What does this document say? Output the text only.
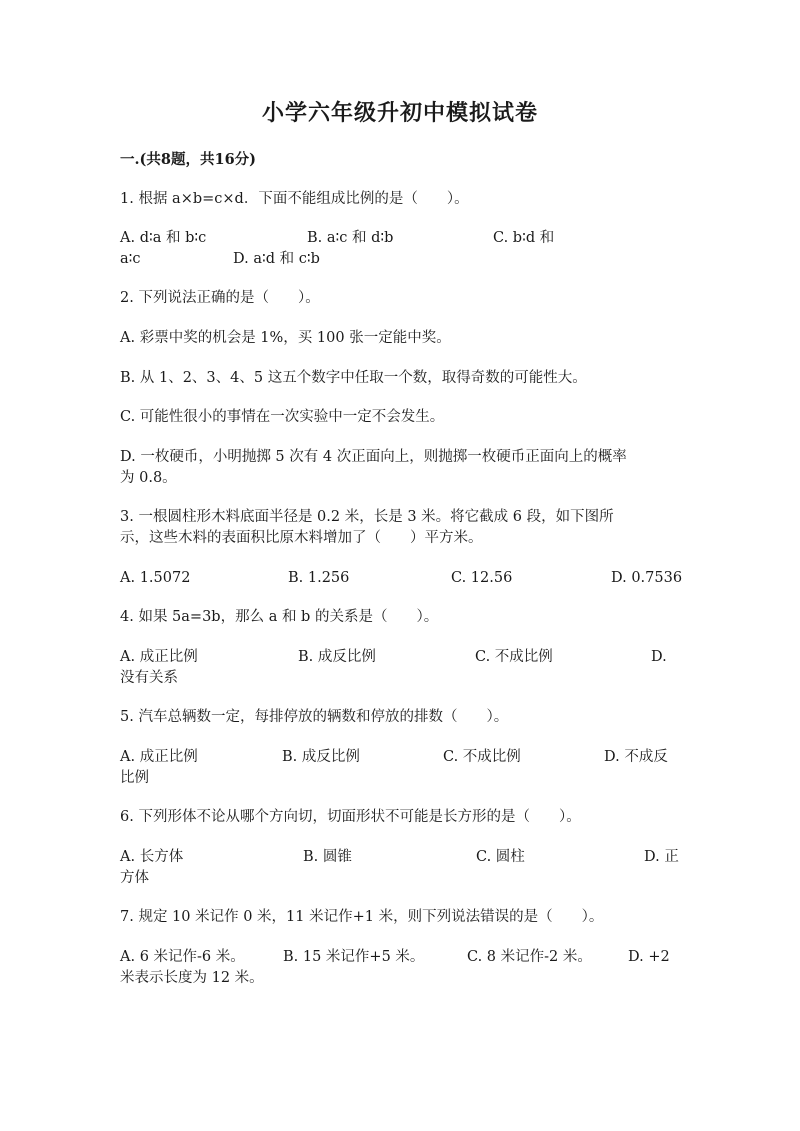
小学六年级升初中模拟试卷
一.(共8题，共16分)
1. 根据 a×b=c×d．下面不能组成比例的是（　　）。
A. d∶a 和 b∶c	B. a∶c 和 d∶b	C. b∶d 和
a∶c	D. a∶d 和 c∶b
2. 下列说法正确的是（　　）。
A. 彩票中奖的机会是 1%，买 100 张一定能中奖。
B. 从 1、2、3、4、5 这五个数字中任取一个数，取得奇数的可能性大。
C. 可能性很小的事情在一次实验中一定不会发生。
D. 一枚硬币，小明抛掷 5 次有 4 次正面向上，则抛掷一枚硬币正面向上的概率
为 0.8。
3. 一根圆柱形木料底面半径是 0.2 米，长是 3 米。将它截成 6 段，如下图所
示，这些木料的表面积比原木料增加了（　　）平方米。
A. 1.5072	B. 1.256	C. 12.56	D. 0.7536
4. 如果 5a=3b，那么 a 和 b 的关系是（　　）。
A. 成正比例	B. 成反比例	C. 不成比例	D.
没有关系
5. 汽车总辆数一定，每排停放的辆数和停放的排数（　　）。
A. 成正比例	B. 成反比例	C. 不成比例	D. 不成反
比例
6. 下列形体不论从哪个方向切，切面形状不可能是长方形的是（　　）。
A. 长方体	B. 圆锥	C. 圆柱	D. 正
方体
7. 规定 10 米记作 0 米，11 米记作+1 米，则下列说法错误的是（　　）。
A. 6 米记作-6 米。	B. 15 米记作+5 米。	C. 8 米记作-2 米。 D. +2
米表示长度为 12 米。
